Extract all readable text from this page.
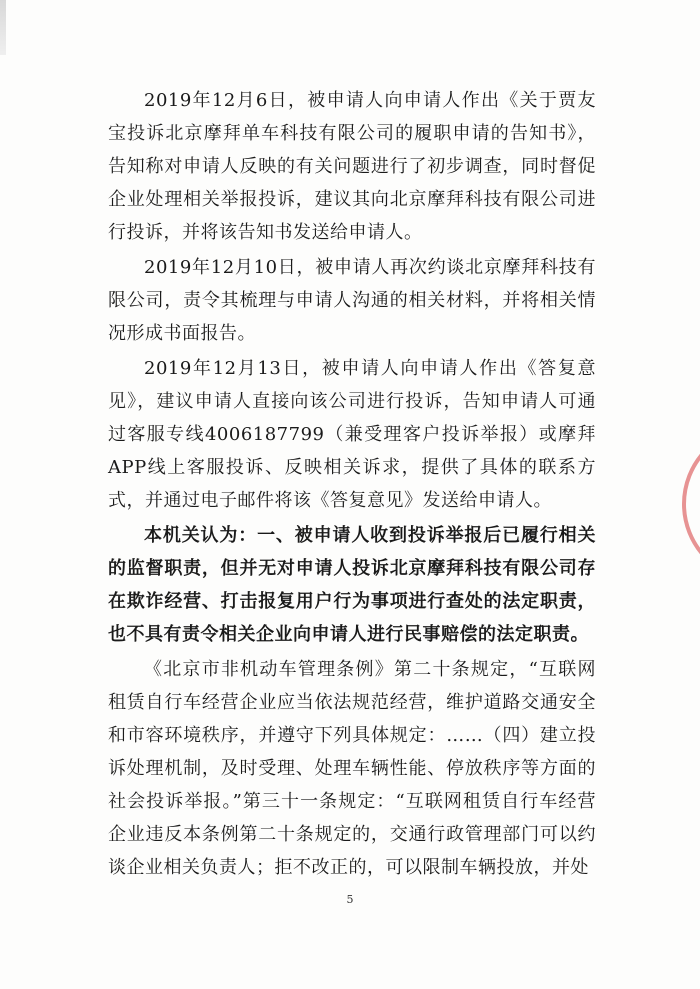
2019年12月6日，被申请人向申请人作出《关于贾友宝投诉北京摩拜单车科技有限公司的履职申请的告知书》，告知称对申请人反映的有关问题进行了初步调查，同时督促企业处理相关举报投诉，建议其向北京摩拜科技有限公司进行投诉，并将该告知书发送给申请人。

2019年12月10日，被申请人再次约谈北京摩拜科技有限公司，责令其梳理与申请人沟通的相关材料，并将相关情况形成书面报告。

2019年12月13日，被申请人向申请人作出《答复意见》，建议申请人直接向该公司进行投诉，告知申请人可通过客服专线4006187799（兼受理客户投诉举报）或摩拜APP线上客服投诉、反映相关诉求，提供了具体的联系方式，并通过电子邮件将该《答复意见》发送给申请人。

本机关认为：一、被申请人收到投诉举报后已履行相关的监督职责，但并无对申请人投诉北京摩拜科技有限公司存在欺诈经营、打击报复用户行为事项进行查处的法定职责，也不具有责令相关企业向申请人进行民事赔偿的法定职责。

《北京市非机动车管理条例》第二十条规定，“互联网租赁自行车经营企业应当依法规范经营，维护道路交通安全和市容环境秩序，并遵守下列具体规定：……（四）建立投诉处理机制，及时受理、处理车辆性能、停放秩序等方面的社会投诉举报。”第三十一条规定：“互联网租赁自行车经营企业违反本条例第二十条规定的，交通行政管理部门可以约谈企业相关负责人；拒不改正的，可以限制车辆投放，并处

5
